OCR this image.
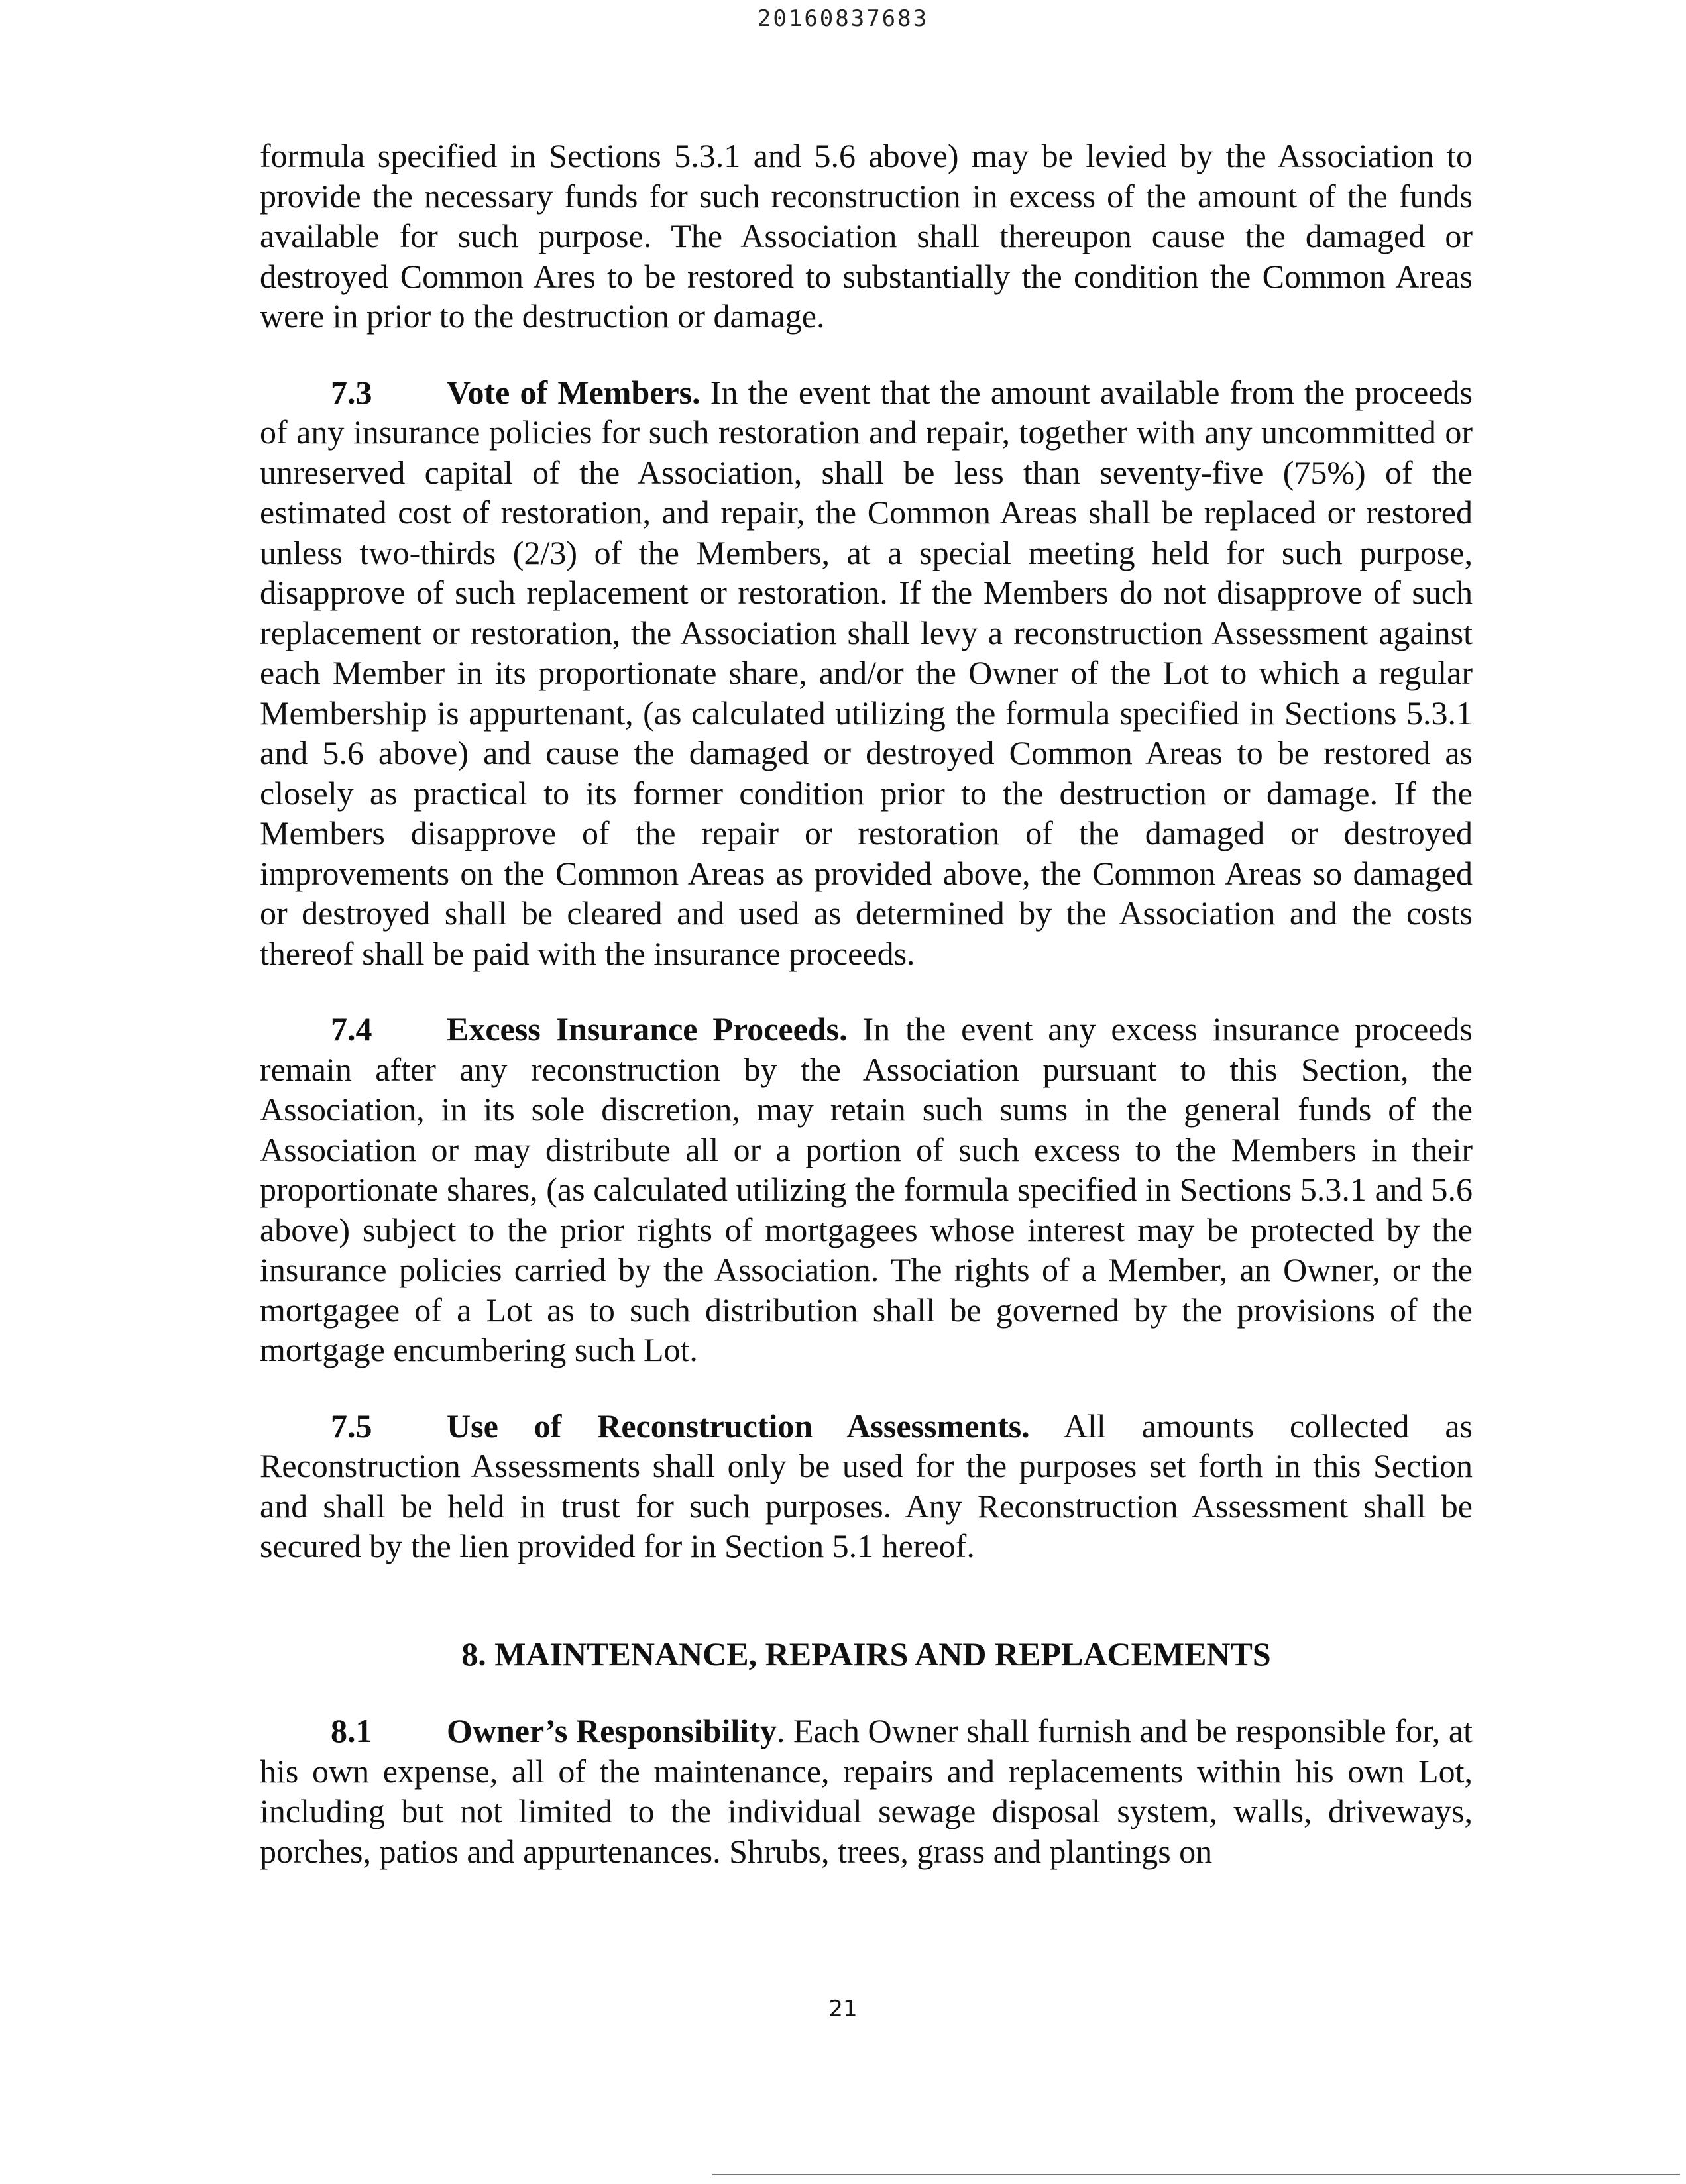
20160837683

formula specified in Sections 5.3.1 and 5.6 above) may be levied by the Association to provide the necessary funds for such reconstruction in excess of the amount of the funds available for such purpose. The Association shall thereupon cause the damaged or destroyed Common Ares to be restored to substantially the condition the Common Areas were in prior to the destruction or damage.

7.3 Vote of Members. In the event that the amount available from the proceeds of any insurance policies for such restoration and repair, together with any uncommitted or unreserved capital of the Association, shall be less than seventy-five (75%) of the estimated cost of restoration, and repair, the Common Areas shall be replaced or restored unless two-thirds (2/3) of the Members, at a special meeting held for such purpose, disapprove of such replacement or restoration. If the Members do not disapprove of such replacement or restoration, the Association shall levy a reconstruction Assessment against each Member in its proportionate share, and/or the Owner of the Lot to which a regular Membership is appurtenant, (as calculated utilizing the formula specified in Sections 5.3.1 and 5.6 above) and cause the damaged or destroyed Common Areas to be restored as closely as practical to its former condition prior to the destruction or damage. If the Members disapprove of the repair or restoration of the damaged or destroyed improvements on the Common Areas as provided above, the Common Areas so damaged or destroyed shall be cleared and used as determined by the Association and the costs thereof shall be paid with the insurance proceeds.

7.4 Excess Insurance Proceeds. In the event any excess insurance proceeds remain after any reconstruction by the Association pursuant to this Section, the Association, in its sole discretion, may retain such sums in the general funds of the Association or may distribute all or a portion of such excess to the Members in their proportionate shares, (as calculated utilizing the formula specified in Sections 5.3.1 and 5.6 above) subject to the prior rights of mortgagees whose interest may be protected by the insurance policies carried by the Association. The rights of a Member, an Owner, or the mortgagee of a Lot as to such distribution shall be governed by the provisions of the mortgage encumbering such Lot.

7.5 Use of Reconstruction Assessments. All amounts collected as Reconstruction Assessments shall only be used for the purposes set forth in this Section and shall be held in trust for such purposes. Any Reconstruction Assessment shall be secured by the lien provided for in Section 5.1 hereof.

8. MAINTENANCE, REPAIRS AND REPLACEMENTS

8.1 Owner’s Responsibility. Each Owner shall furnish and be responsible for, at his own expense, all of the maintenance, repairs and replacements within his own Lot, including but not limited to the individual sewage disposal system, walls, driveways, porches, patios and appurtenances. Shrubs, trees, grass and plantings on

21
